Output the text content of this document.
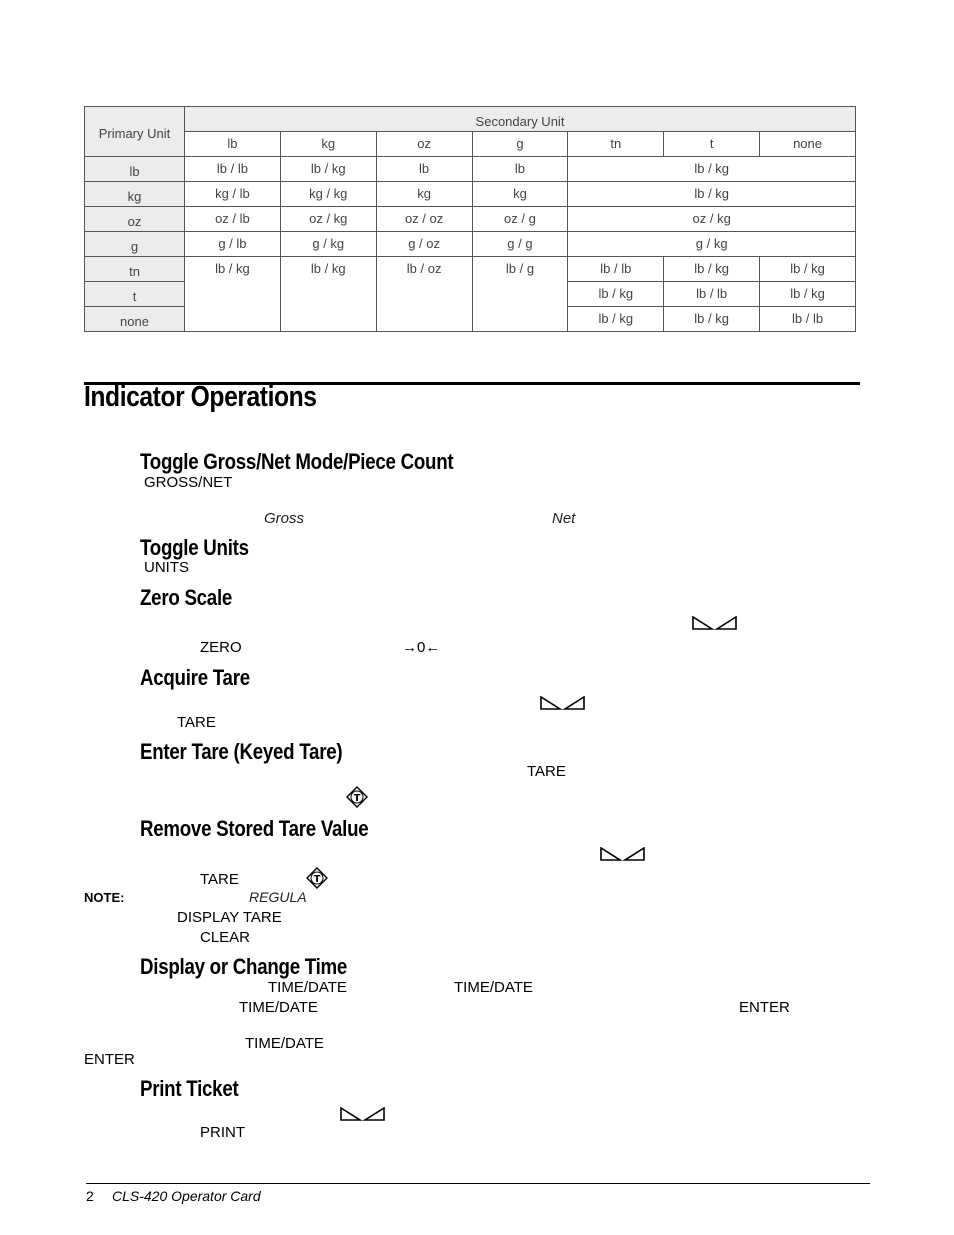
Primary Unit	Secondary Unit						
	lb	kg	oz	g	tn	t	none
lb	lb / lb	lb / kg	lb	lb	lb / kg		
kg	kg / lb	kg / kg	kg	kg	lb / kg		
oz	oz / lb	oz / kg	oz / oz	oz / g	oz / kg		
g	g / lb	g / kg	g / oz	g / g	g / kg		
tn	lb / kg	lb / kg	lb / oz	lb / g	lb / lb	lb / kg	lb / kg
t					lb / kg	lb / lb	lb / kg
none					lb / kg	lb / kg	lb / lb
Indicator Operations
Toggle Gross/Net Mode/Piece Count
GROSS/NET
Gross	Net
Toggle Units
UNITS
Zero Scale
ZERO	→0←
Acquire Tare
TARE
Enter Tare (Keyed Tare)
TARE
T
Remove Stored Tare Value
TARE	T
NOTE:	REGULA
DISPLAY TARE
CLEAR
Display or Change Time
TIME/DATE	TIME/DATE
TIME/DATE	ENTER
TIME/DATE
ENTER
Print Ticket
PRINT
2 CLS-420 Operator Card
